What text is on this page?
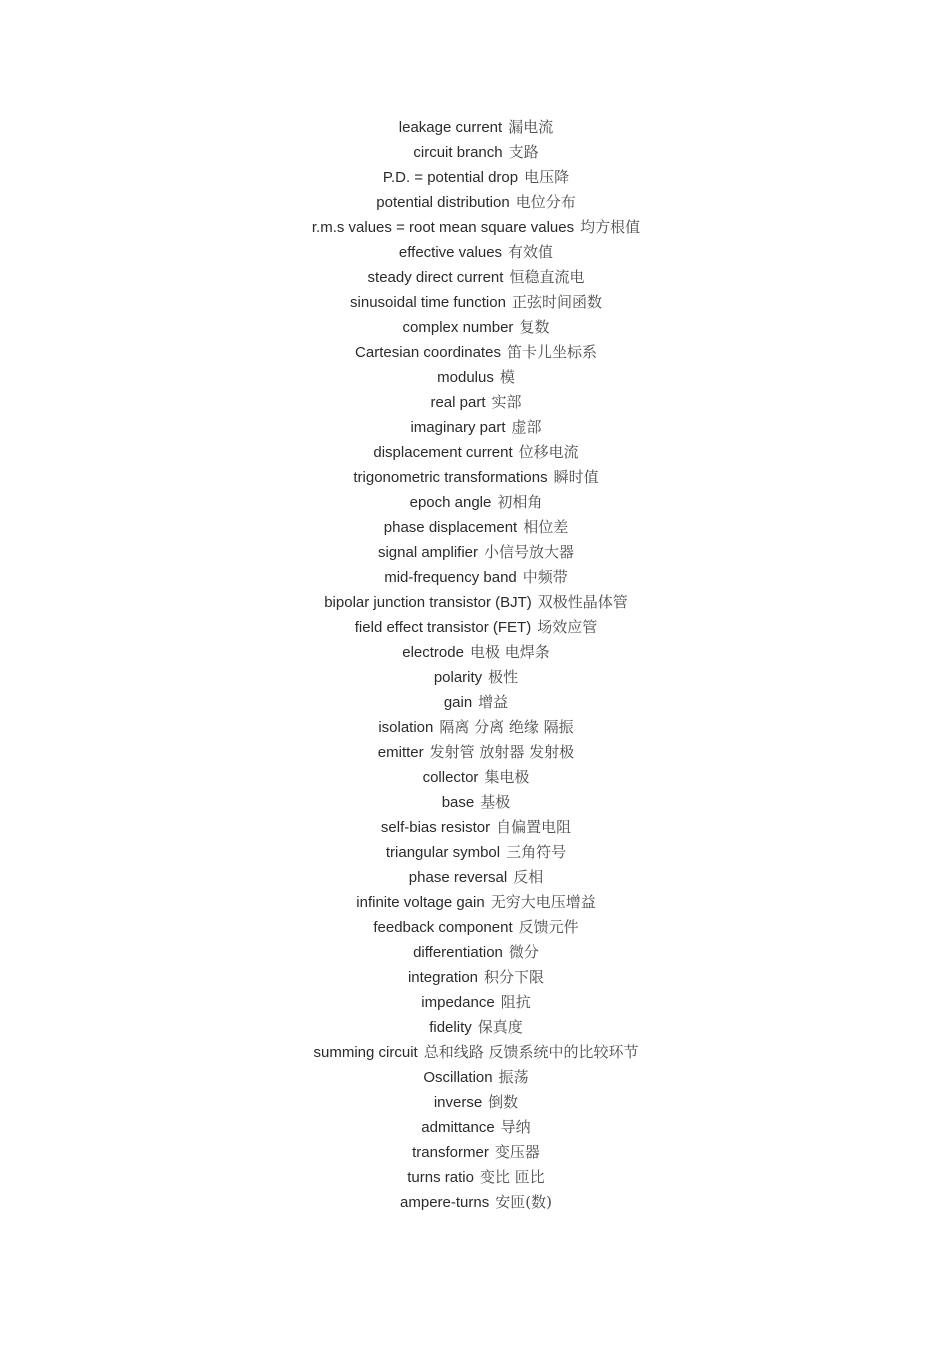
leakage current 漏电流
circuit branch 支路
P.D. = potential drop 电压降
potential distribution 电位分布
r.m.s values = root mean square values 均方根值
effective values 有效值
steady direct current 恒稳直流电
sinusoidal time function 正弦时间函数
complex number 复数
Cartesian coordinates 笛卡儿坐标系
modulus 模
real part 实部
imaginary part 虚部
displacement current 位移电流
trigonometric transformations 瞬时值
epoch angle 初相角
phase displacement 相位差
signal amplifier 小信号放大器
mid-frequency band 中频带
bipolar junction transistor (BJT) 双极性晶体管
field effect transistor (FET) 场效应管
electrode 电极 电焊条
polarity 极性
gain 增益
isolation 隔离 分离 绝缘 隔振
emitter 发射管 放射器 发射极
collector 集电极
base 基极
self-bias resistor 自偏置电阻
triangular symbol 三角符号
phase reversal 反相
infinite voltage gain 无穷大电压增益
feedback component 反馈元件
differentiation 微分
integration 积分下限
impedance 阻抗
fidelity 保真度
summing circuit 总和线路 反馈系统中的比较环节
Oscillation 振荡
inverse 倒数
admittance 导纳
transformer 变压器
turns ratio 变比 匝比
ampere-turns 安匝(数)
